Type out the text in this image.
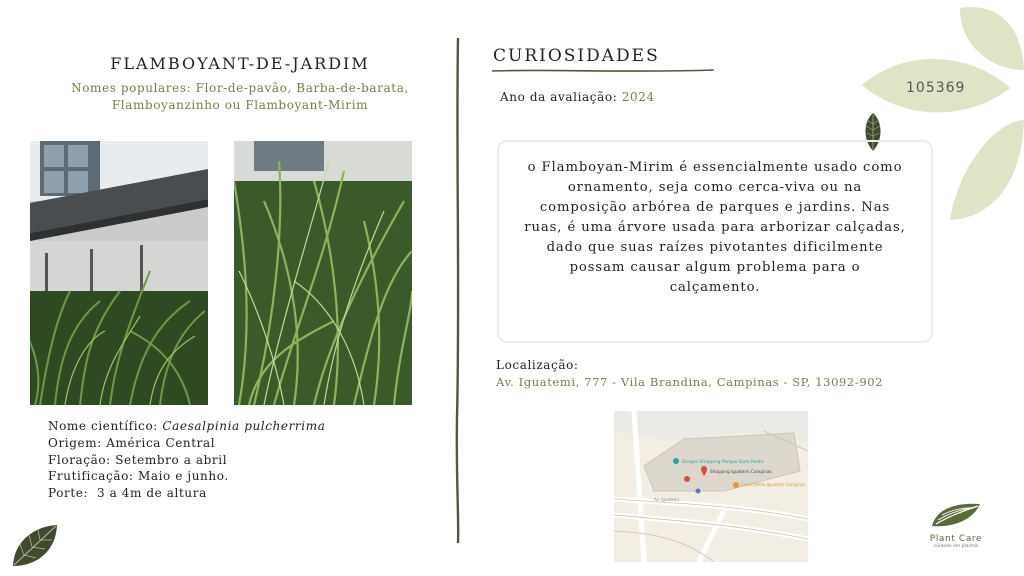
105369
FLAMBOYANT-DE-JARDIM
Nomes populares: Flor-de-pavão, Barba-de-barata,
Flamboyanzinho ou Flamboyant-Mirim
Nome científico: Caesalpinia pulcherrima
Origem: América Central
Floração: Setembro a abril
Frutificação: Maio e junho.
Porte:  3 a 4m de altura
CURIOSIDADES
Ano da avaliação: 2024

o Flamboyan-Mirim é essencialmente usado como

ornamento, seja como cerca-viva ou na

composição arbórea de parques e jardins. Nas

ruas, é uma árvore usada para arborizar calçadas,

dado que suas raízes pivotantes dificilmente

possam causar algum problema para o

calçamento.

Localização:
Av. Iguatemi, 777 - Vila Brandina, Campinas - SP, 13092-902
Drogas Shopping Parque Dom Pedro
Shopping Iguatemi Campinas
Casas Bahia Iguatemi Campinas
Av. Iguatemi
Plant Care
cuidado em plantas
